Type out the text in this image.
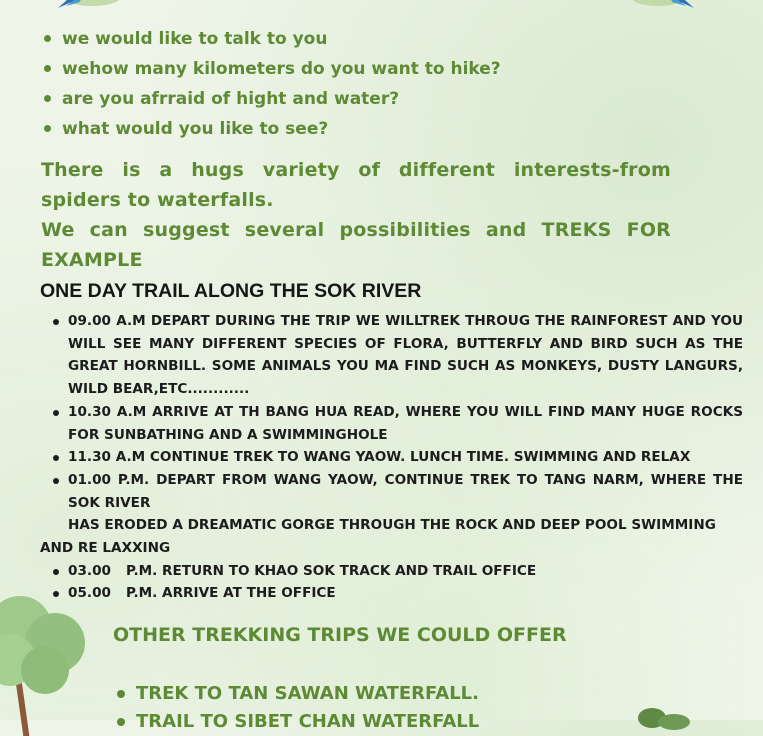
we would like to talk to you
wehow many kilometers do you want to hike?
are you afrraid of hight and water?
what would you like to see?

There is a hugs variety of different interests-from spiders to waterfalls.

We can suggest several possibilities and TREKS FOR EXAMPLE

ONE DAY TRAIL ALONG THE SOK RIVER
09.00 A.M DEPART DURING THE TRIP WE WILLTREK THROUG THE RAINFOREST AND YOU WILL SEE MANY DIFFERENT SPECIES OF FLORA, BUTTERFLY AND BIRD SUCH AS THE GREAT HORNBILL. SOME ANIMALS YOU MA FIND SUCH AS MONKEYS, DUSTY LANGURS, WILD BEAR,ETC............
10.30 A.M ARRIVE AT TH BANG HUA READ, WHERE YOU WILL FIND MANY HUGE ROCKS FOR SUNBATHING AND A SWIMMINGHOLE
11.30 A.M CONTINUE TREK TO WANG YAOW. LUNCH TIME. SWIMMING AND RELAX
01.00 P.M. DEPART FROM WANG YAOW, CONTINUE TREK TO TANG NARM, WHERE THE SOK RIVER
HAS ERODED A DREAMATIC GORGE THROUGH THE ROCK AND DEEP POOL SWIMMING
AND RE LAXXING
03.00 P.M. RETURN TO KHAO SOK TRACK AND TRAIL OFFICE
05.00 P.M. ARRIVE AT THE OFFICE
OTHER TREKKING TRIPS WE COULD OFFER
TREK TO TAN SAWAN WATERFALL.
TRAIL TO SIBET CHAN WATERFALL
